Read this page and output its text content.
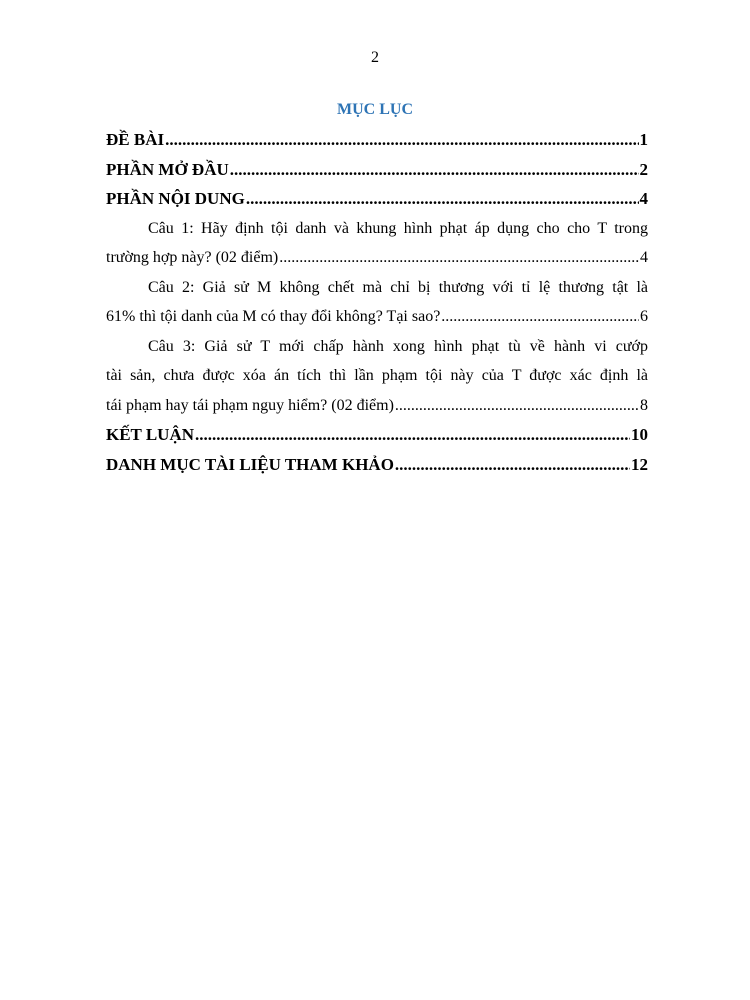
2
MỤC LỤC
ĐỀ BÀI .....	1
PHẦN MỞ ĐẦU .....	2
PHẦN NỘI DUNG .....	4
Câu 1: Hãy định tội danh và khung hình phạt áp dụng cho cho T trong
trường hợp này? (02 điểm) .....	4
Câu 2: Giả sử M không chết mà chỉ bị thương với tỉ lệ thương tật là
61% thì tội danh của M có thay đổi không? Tại sao? .....	6
Câu 3: Giả sử T mới chấp hành xong hình phạt tù về hành vi cướp
tài sản, chưa được xóa án tích thì lần phạm tội này của T được xác định là
tái phạm hay tái phạm nguy hiểm? (02 điểm) .....	8
KẾT LUẬN .....	10
DANH MỤC TÀI LIỆU THAM KHẢO .....	12
